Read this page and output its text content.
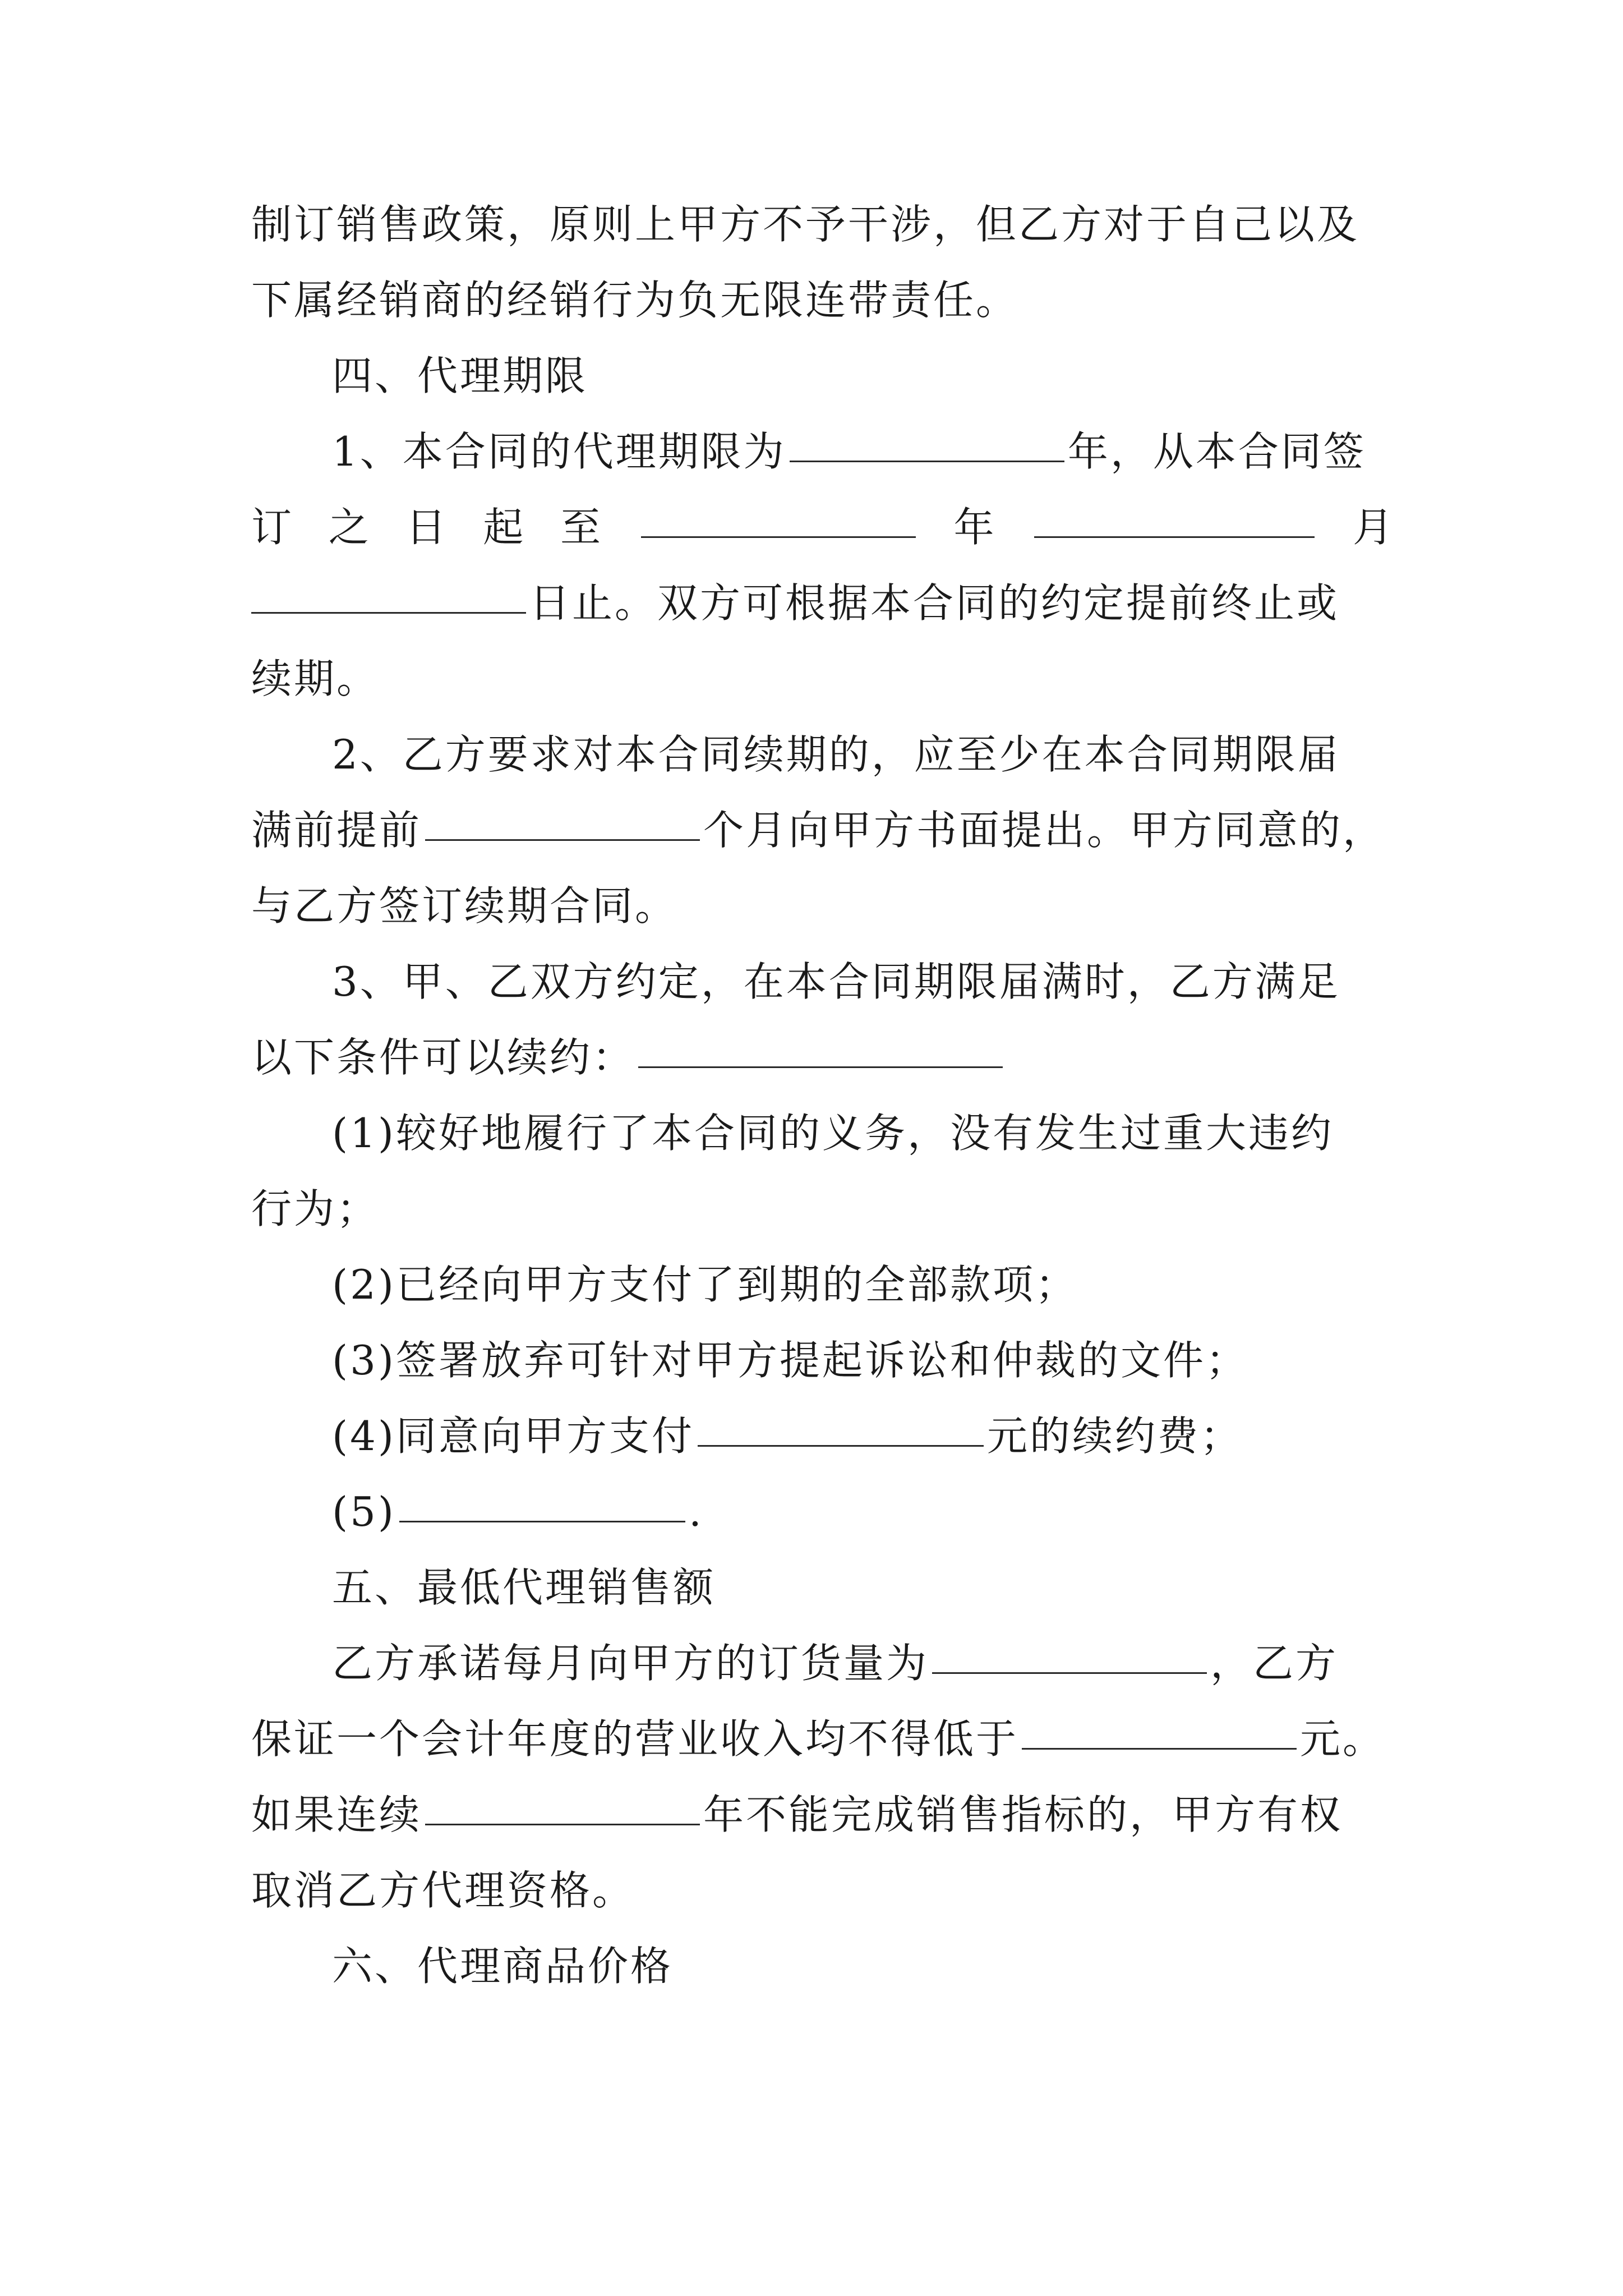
制订销售政策，原则上甲方不予干涉，但乙方对于自己以及
下属经销商的经销行为负无限连带责任。
四、代理期限
1、本合同的代理期限为	年，从本合同签
订 之 日 起 至	年	月
日止。双方可根据本合同的约定提前终止或
续期。
2、乙方要求对本合同续期的，应至少在本合同期限届
满前提前	个月向甲方书面提出。甲方同意的，
与乙方签订续期合同。
3、甲、乙双方约定，在本合同期限届满时，乙方满足
以下条件可以续约：
(1)较好地履行了本合同的义务，没有发生过重大违约
行为；
(2)已经向甲方支付了到期的全部款项；
(3)签署放弃可针对甲方提起诉讼和仲裁的文件；
(4)同意向甲方支付	元的续约费；
(5)	.
五、最低代理销售额
乙方承诺每月向甲方的订货量为	，乙方
保证一个会计年度的营业收入均不得低于	元。
如果连续	年不能完成销售指标的，甲方有权
取消乙方代理资格。
六、代理商品价格
